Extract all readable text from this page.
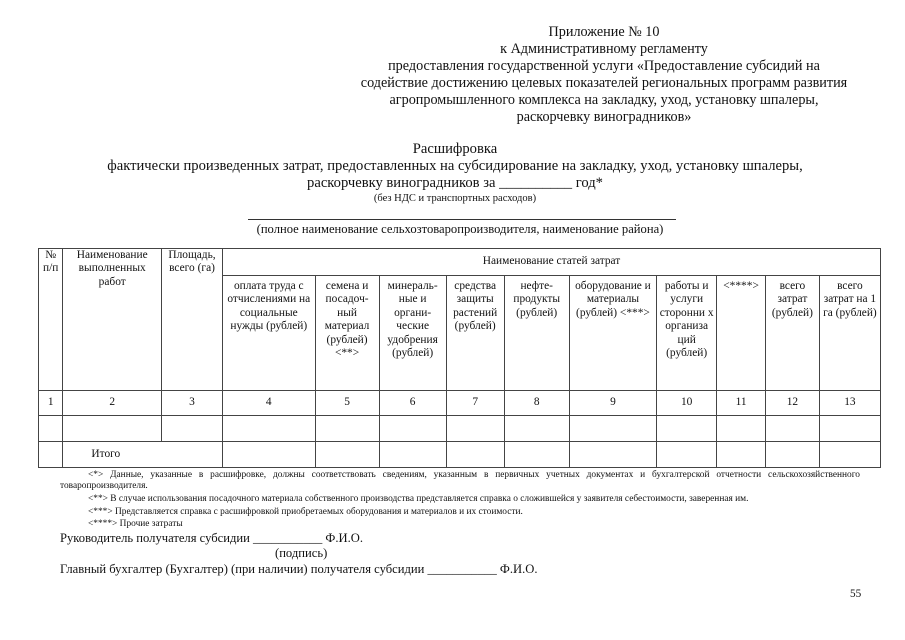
Приложение № 10
к Административному регламенту
предоставления государственной услуги «Предоставление субсидий на
содействие достижению целевых показателей региональных программ развития
агропромышленного комплекса на закладку, уход, установку шпалеры,
раскорчевку виноградников»
Расшифровка
фактически произведенных затрат, предоставленных на субсидирование на закладку, уход, установку шпалеры,
раскорчевку виноградников за __________ год*
(без НДС и транспортных расходов)
(полное наименование сельхозтоваропроизводителя, наименование района)
№ п/п	Наименование выполненных работ	Площадь, всего (га)	Наименование статей затрат									
			оплата труда с отчислениями на социальные нужды (рублей)	семена и посадоч- ный материал (рублей) <**>	минераль- ные и органи- ческие удобрения (рублей)	средства защиты растений (рублей)	нефте- продукты (рублей)	оборудование и материалы (рублей) <***>	работы и услуги сторонни х организа ций (рублей)	<****>	всего затрат (рублей)	всего затрат на 1 га (рублей)
1	2	3	4	5	6	7	8	9	10	11	12	13

	Итого											
<*> Данные, указанные в расшифровке, должны соответствовать сведениям, указанным в первичных учетных документах и бухгалтерской отчетности сельскохозяйственного товаропроизводителя.
<**> В случае использования посадочного материала собственного производства представляется справка о сложившейся у заявителя себестоимости, заверенная им.
<***> Представляется справка с расшифровкой приобретаемых оборудования и материалов и их стоимости.
<****> Прочие затраты
Руководитель получателя субсидии ___________ Ф.И.О.
(подпись)
Главный бухгалтер (Бухгалтер) (при наличии) получателя субсидии ___________ Ф.И.О.
55
